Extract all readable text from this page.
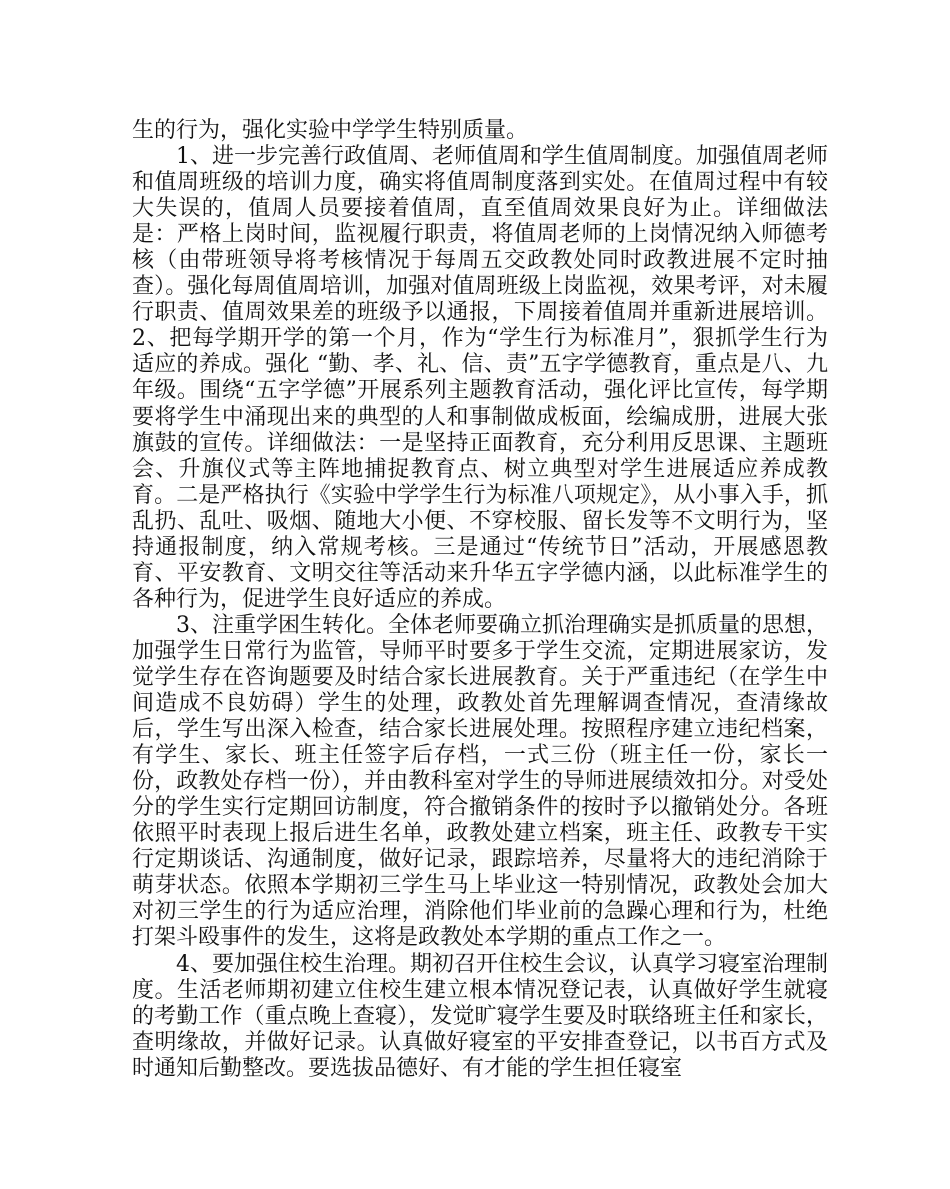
生的行为，强化实验中学学生特别质量。

1、进一步完善行政值周、老师值周和学生值周制度。加强值周老师和值周班级的培训力度，确实将值周制度落到实处。在值周过程中有较大失误的，值周人员要接着值周，直至值周效果良好为止。详细做法是：严格上岗时间，监视履行职责，将值周老师的上岗情况纳入师德考核（由带班领导将考核情况于每周五交政教处同时政教进展不定时抽查）。强化每周值周培训，加强对值周班级上岗监视，效果考评，对未履行职责、值周效果差的班级予以通报，下周接着值周并重新进展培训。2、把每学期开学的第一个月，作为“学生行为标准月”，狠抓学生行为适应的养成。强化 “勤、孝、礼、信、责”五字学德教育，重点是八、九年级。围绕“五字学德”开展系列主题教育活动，强化评比宣传，每学期要将学生中涌现出来的典型的人和事制做成板面，绘编成册，进展大张旗鼓的宣传。详细做法：一是坚持正面教育，充分利用反思课、主题班会、升旗仪式等主阵地捕捉教育点、树立典型对学生进展适应养成教育。二是严格执行《实验中学学生行为标准八项规定》，从小事入手，抓乱扔、乱吐、吸烟、随地大小便、不穿校服、留长发等不文明行为，坚持通报制度，纳入常规考核。三是通过“传统节日”活动，开展感恩教育、平安教育、文明交往等活动来升华五字学德内涵，以此标准学生的各种行为，促进学生良好适应的养成。

3、注重学困生转化。全体老师要确立抓治理确实是抓质量的思想，加强学生日常行为监管，导师平时要多于学生交流，定期进展家访，发觉学生存在咨询题要及时结合家长进展教育。关于严重违纪（在学生中间造成不良妨碍）学生的处理，政教处首先理解调查情况，查清缘故后，学生写出深入检查，结合家长进展处理。按照程序建立违纪档案，有学生、家长、班主任签字后存档，一式三份（班主任一份，家长一份，政教处存档一份），并由教科室对学生的导师进展绩效扣分。对受处分的学生实行定期回访制度，符合撤销条件的按时予以撤销处分。各班依照平时表现上报后进生名单，政教处建立档案，班主任、政教专干实行定期谈话、沟通制度，做好记录，跟踪培养，尽量将大的违纪消除于萌芽状态。依照本学期初三学生马上毕业这一特别情况，政教处会加大对初三学生的行为适应治理，消除他们毕业前的急躁心理和行为，杜绝打架斗殴事件的发生，这将是政教处本学期的重点工作之一。

4、要加强住校生治理。期初召开住校生会议，认真学习寝室治理制度。生活老师期初建立住校生建立根本情况登记表，认真做好学生就寝的考勤工作（重点晚上查寝），发觉旷寝学生要及时联络班主任和家长，查明缘故，并做好记录。认真做好寝室的平安排查登记，以书百方式及时通知后勤整改。要选拔品德好、有才能的学生担任寝室
